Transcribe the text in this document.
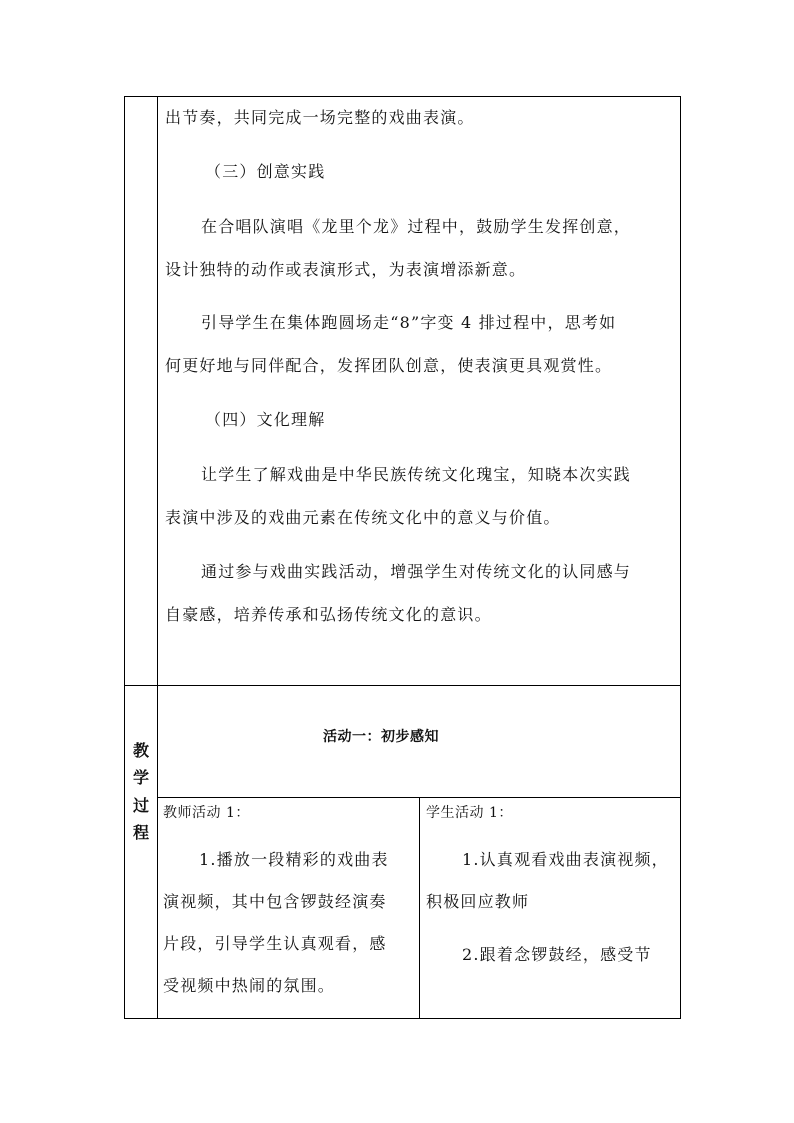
出节奏，共同完成一场完整的戏曲表演。
（三）创意实践
在合唱队演唱《龙里个龙》过程中，鼓励学生发挥创意，
设计独特的动作或表演形式，为表演增添新意。
引导学生在集体跑圆场走“8”字变 4 排过程中，思考如
何更好地与同伴配合，发挥团队创意，使表演更具观赏性。
（四）文化理解
让学生了解戏曲是中华民族传统文化瑰宝，知晓本次实践
表演中涉及的戏曲元素在传统文化中的意义与价值。
通过参与戏曲实践活动，增强学生对传统文化的认同感与
自豪感，培养传承和弘扬传统文化的意识。
教
学
过
程
活动一：初步感知
教师活动 1：
1.播放一段精彩的戏曲表
演视频，其中包含锣鼓经演奏
片段，引导学生认真观看，感
受视频中热闹的氛围。
学生活动 1：
1.认真观看戏曲表演视频，
积极回应教师
2.跟着念锣鼓经，感受节
